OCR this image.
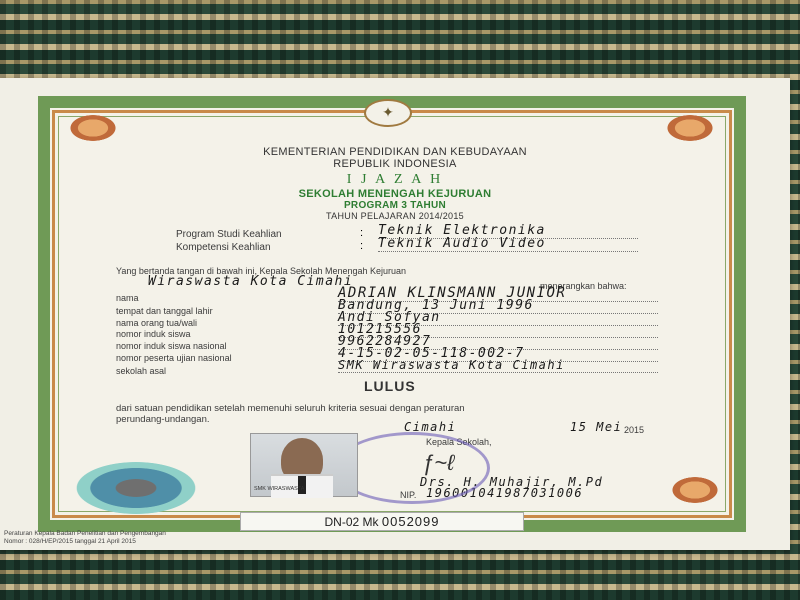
✦
KEMENTERIAN PENDIDIKAN DAN KEBUDAYAAN
REPUBLIK INDONESIA
I J A Z A H
SEKOLAH MENENGAH KEJURUAN
PROGRAM 3 TAHUN
TAHUN PELAJARAN 2014/2015
Program Studi Keahlian	: Teknik Elektronika
Kompetensi Keahlian	: Teknik Audio Video
Yang bertanda tangan di bawah ini, Kepala Sekolah Menengah Kejuruan
Wiraswasta Kota Cimahi	menerangkan bahwa:
nama	ADRIAN KLINSMANN JUNIOR
tempat dan tanggal lahir	Bandung, 13 Juni 1996
nama orang tua/wali	Andi Sofyan
nomor induk siswa	101215556
nomor induk siswa nasional	9962284927
nomor peserta ujian nasional	4-15-02-05-118-002-7
sekolah asal	SMK Wiraswasta Kota Cimahi
LULUS
dari satuan pendidikan setelah memenuhi seluruh kriteria sesuai dengan peraturan
perundang-undangan.
Cimahi	15 Mei 2015
Kepala Sekolah,
ƒ~ℓ
Drs. H. Muhajir, M.Pd
NIP. 196001041987031006
SMK WIRASWASTA
DN-02 Mk 0052099
Peraturan Kepala Badan Penelitian dan Pengembangan
Nomor : 028/H/EP/2015 tanggal 21 April 2015
